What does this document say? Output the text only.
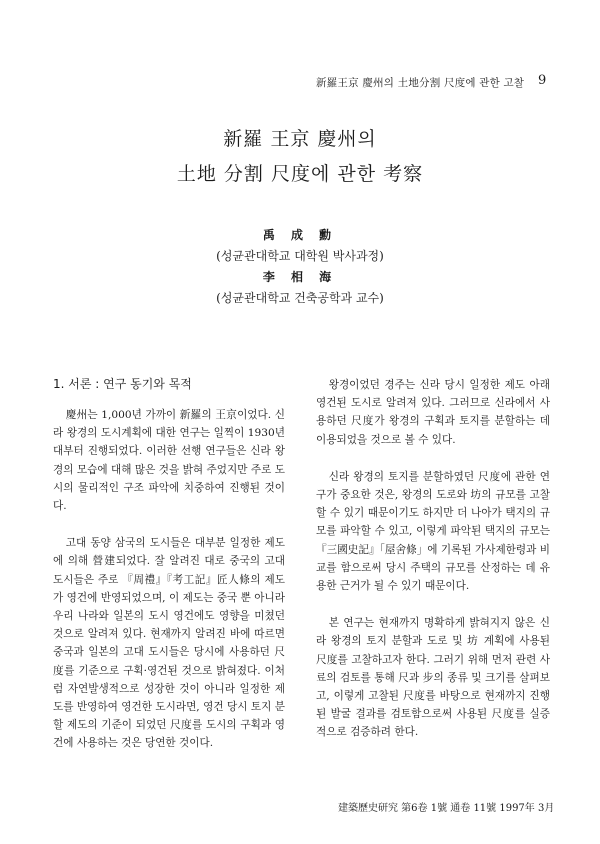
新羅王京 慶州의 土地分割 尺度에 관한 고찰	9
新羅 王京 慶州의
土地 分割 尺度에 관한 考察
禹 成 勳
(성균관대학교 대학원 박사과정)
李 相 海
(성균관대학교 건축공학과 교수)
1. 서론 : 연구 동기와 목적

慶州는 1,000년 가까이 新羅의 王京이었다. 신라 왕경의 도시계획에 대한 연구는 일찍이 1930년대부터 진행되었다. 이러한 선행 연구들은 신라 왕경의 모습에 대해 많은 것을 밝혀 주었지만 주로 도시의 물리적인 구조 파악에 치중하여 진행된 것이다.

고대 동양 삼국의 도시들은 대부분 일정한 제도에 의해 營建되었다. 잘 알려진 대로 중국의 고대 도시들은 주로 『周禮』『考工記』匠人條의 제도가 영건에 반영되었으며, 이 제도는 중국 뿐 아니라 우리 나라와 일본의 도시 영건에도 영향을 미쳤던 것으로 알려져 있다. 현재까지 알려진 바에 따르면 중국과 일본의 고대 도시들은 당시에 사용하던 尺度를 기준으로 구획·영건된 것으로 밝혀졌다. 이처럼 자연발생적으로 성장한 것이 아니라 일정한 제도를 반영하여 영건한 도시라면, 영건 당시 토지 분할 제도의 기준이 되었던 尺度를 도시의 구획과 영건에 사용하는 것은 당연한 것이다.

왕경이었던 경주는 신라 당시 일정한 제도 아래 영건된 도시로 알려져 있다. 그러므로 신라에서 사용하던 尺度가 왕경의 구획과 토지를 분할하는 데 이용되었을 것으로 볼 수 있다.

신라 왕경의 토지를 분할하였던 尺度에 관한 연구가 중요한 것은, 왕경의 도로와 坊의 규모를 고찰할 수 있기 때문이기도 하지만 더 나아가 택지의 규모를 파악할 수 있고, 이렇게 파악된 택지의 규모는 『三國史記』「屋舍條」에 기록된 가사제한령과 비교를 함으로써 당시 주택의 규모를 산정하는 데 유용한 근거가 될 수 있기 때문이다.

본 연구는 현재까지 명확하게 밝혀지지 않은 신라 왕경의 토지 분할과 도로 및 坊 계획에 사용된 尺度를 고찰하고자 한다. 그러기 위해 먼저 관련 사료의 검토를 통해 尺과 步의 종류 및 크기를 살펴보고, 이렇게 고찰된 尺度를 바탕으로 현재까지 진행된 발굴 결과를 검토함으로써 사용된 尺度를 실증적으로 검증하려 한다.

建築歷史研究 第6卷 1號 通卷 11號 1997年 3月
